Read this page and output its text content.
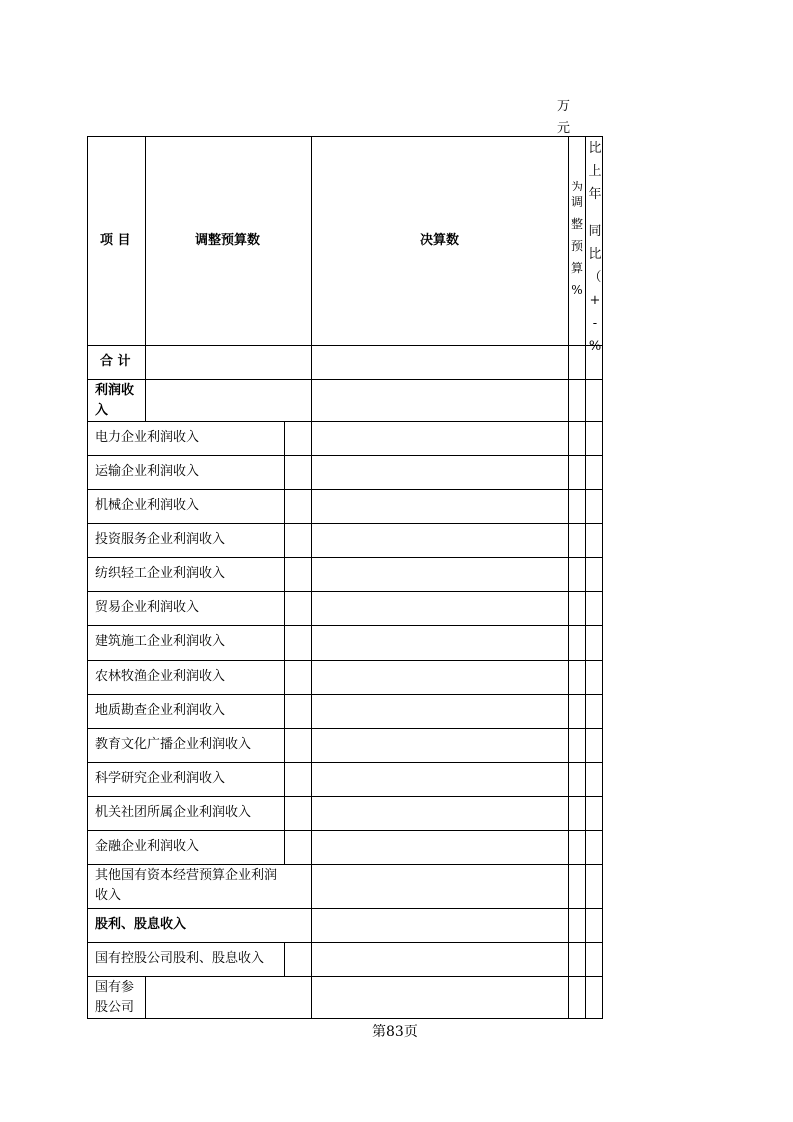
万元
项 目	调整预算数	决算数
为
调
整
预
算
%
比
上
年
同
比
（
+
-
%
合 计
利润收入
电力企业利润收入
运输企业利润收入
机械企业利润收入
投资服务企业利润收入
纺织轻工企业利润收入
贸易企业利润收入
建筑施工企业利润收入
农林牧渔企业利润收入
地质勘查企业利润收入
教育文化广播企业利润收入
科学研究企业利润收入
机关社团所属企业利润收入
金融企业利润收入
其他国有资本经营预算企业利润收入
股利、股息收入
国有控股公司股利、股息收入
国有参股公司
第83页
